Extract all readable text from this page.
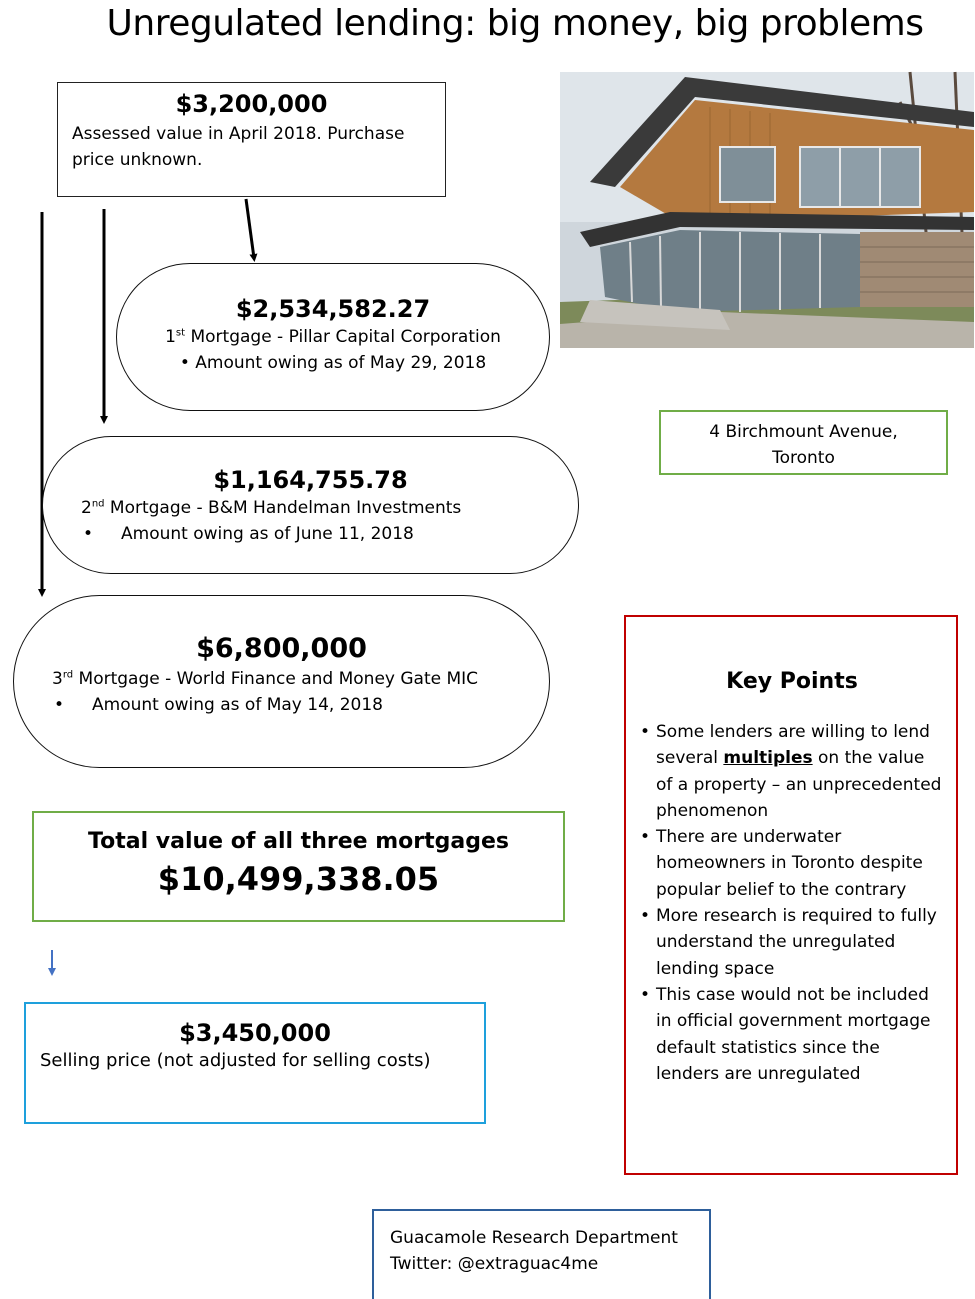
Unregulated lending: big money, big problems
$3,200,000
Assessed value in April 2018. Purchase price unknown.
$2,534,582.27
1st Mortgage - Pillar Capital Corporation
• Amount owing as of May 29, 2018
$1,164,755.78
2nd Mortgage - B&M Handelman Investments
• Amount owing as of June 11, 2018
$6,800,000
3rd Mortgage - World Finance and Money Gate MIC
• Amount owing as of May 14, 2018
Total value of all three mortgages
$10,499,338.05
$3,450,000
Selling price (not adjusted for selling costs)
4 Birchmount Avenue,
Toronto
Key Points
• Some lenders are willing to lend several multiples on the value of a property – an unprecedented phenomenon
• There are underwater homeowners in Toronto despite popular belief to the contrary
• More research is required to fully understand the unregulated lending space
• This case would not be included in official government mortgage default statistics since the lenders are unregulated
Guacamole Research Department
Twitter: @extraguac4me
